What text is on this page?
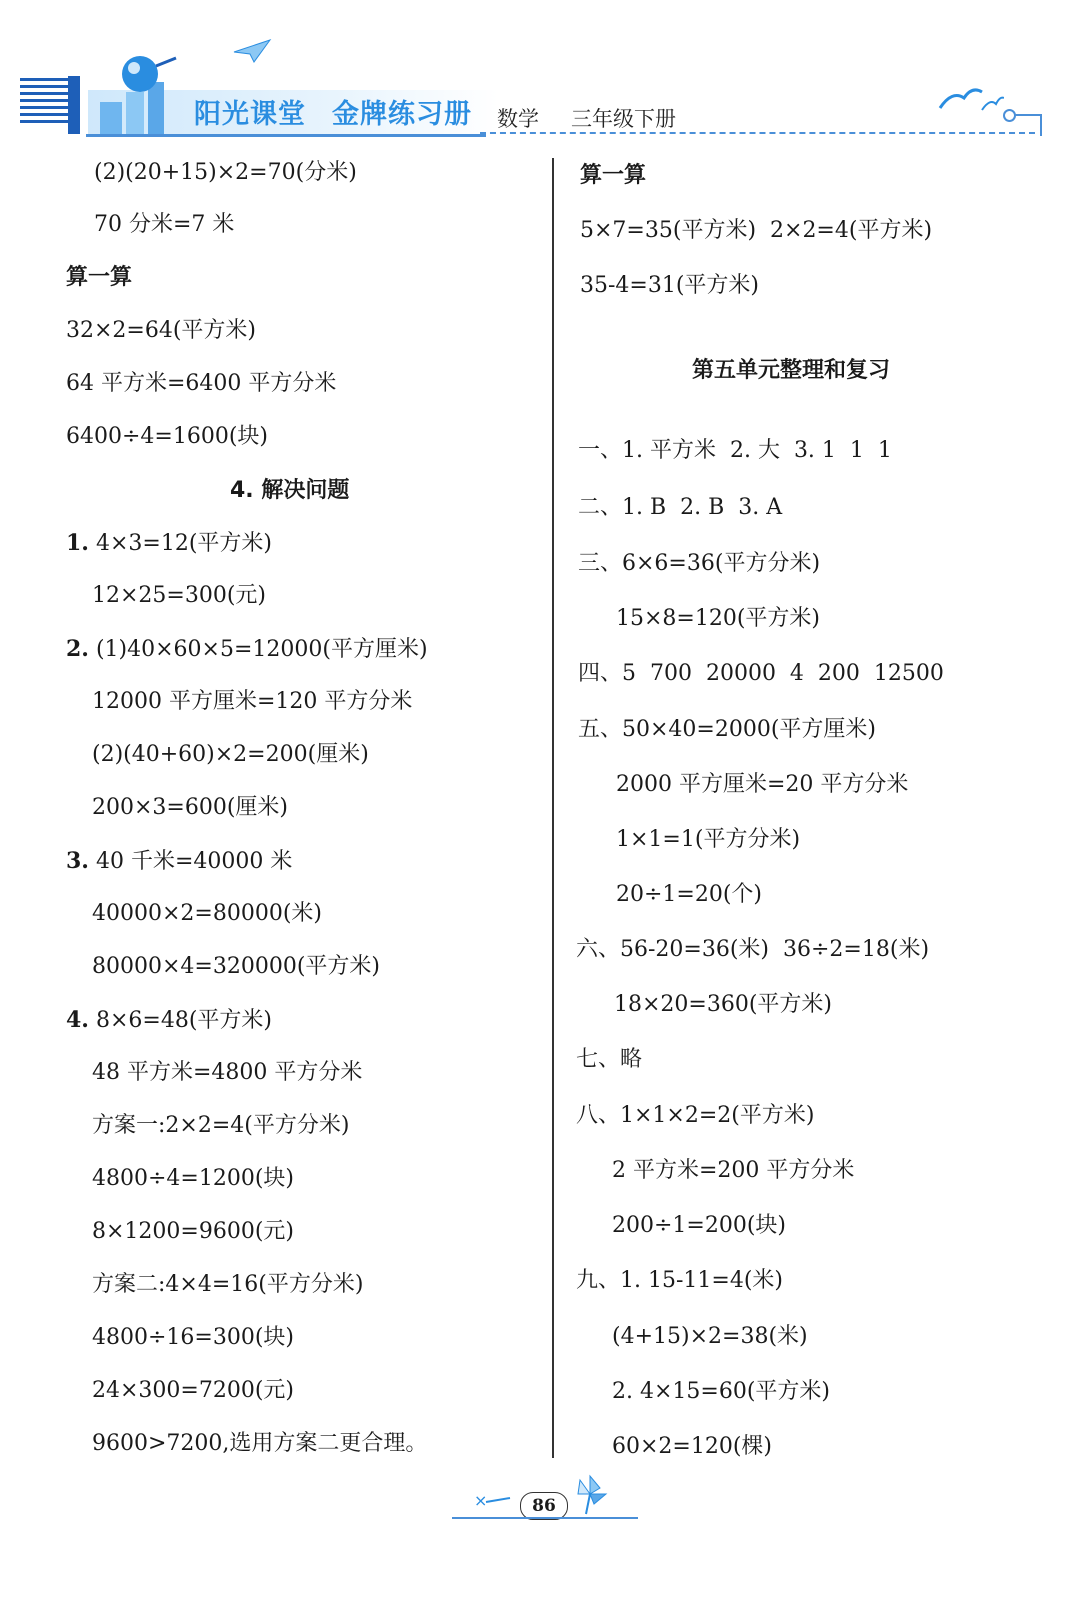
阳光课堂 金牌练习册 数学 三年级下册
(2)(20+15)×2=70(分米)
70 分米=7 米
算一算
32×2=64(平方米)
64 平方米=6400 平方分米
6400÷4=1600(块)
4. 解决问题
1. 4×3=12(平方米)
12×25=300(元)
2. (1)40×60×5=12000(平方厘米)
12000 平方厘米=120 平方分米
(2)(40+60)×2=200(厘米)
200×3=600(厘米)
3. 40 千米=40000 米
40000×2=80000(米)
80000×4=320000(平方米)
4. 8×6=48(平方米)
48 平方米=4800 平方分米
方案一:2×2=4(平方分米)
4800÷4=1200(块)
8×1200=9600(元)
方案二:4×4=16(平方分米)
4800÷16=300(块)
24×300=7200(元)
9600>7200,选用方案二更合理。
算一算
5×7=35(平方米)  2×2=4(平方米)
35-4=31(平方米)
第五单元整理和复习
一、1. 平方米  2. 大  3. 1  1  1
二、1. B  2. B  3. A
三、6×6=36(平方分米)
15×8=120(平方米)
四、5  700  20000  4  200  12500
五、50×40=2000(平方厘米)
2000 平方厘米=20 平方分米
1×1=1(平方分米)
20÷1=20(个)
六、56-20=36(米)  36÷2=18(米)
18×20=360(平方米)
七、略
八、1×1×2=2(平方米)
2 平方米=200 平方分米
200÷1=200(块)
九、1. 15-11=4(米)
(4+15)×2=38(米)
2. 4×15=60(平方米)
60×2=120(棵)
×	86
